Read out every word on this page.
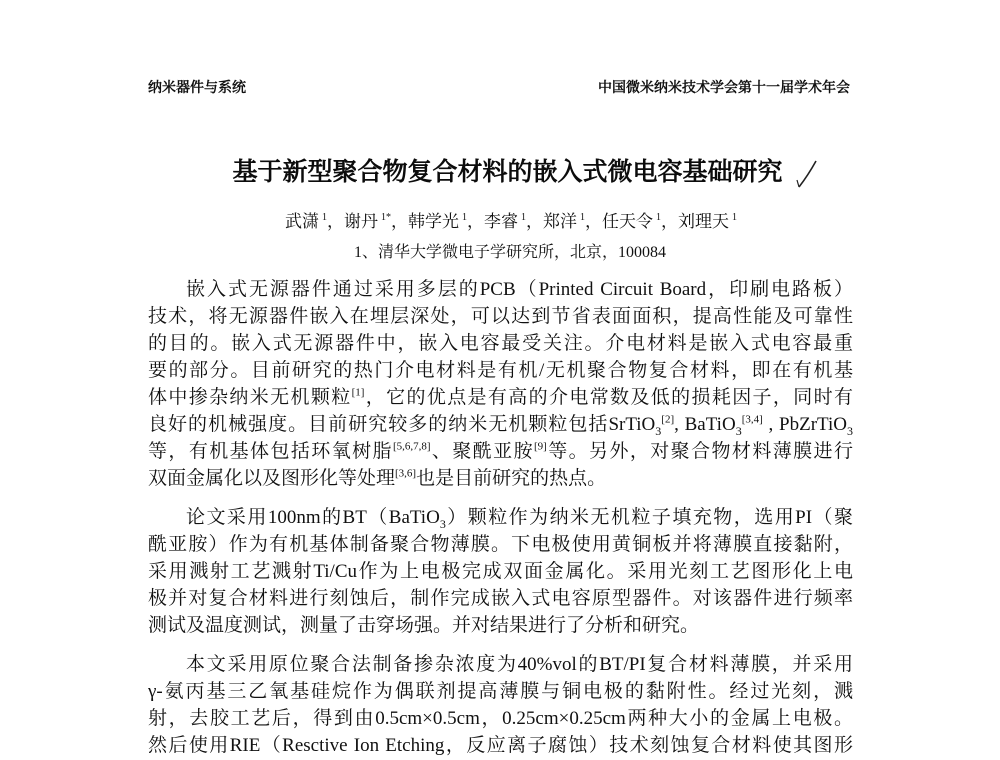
纳米器件与系统	中国微米纳米技术学会第十一届学术年会
基于新型聚合物复合材料的嵌入式微电容基础研究
武潇 $^1$，谢丹 $^{1*}$，韩学光 $^1$，李睿 $^1$，郑洋 $^1$，任天令 $^1$，刘理天 $^1$
1、清华大学微电子学研究所，北京，100084
嵌入式无源器件通过采用多层的PCB（Printed Circuit Board，印刷电路板）
技术，将无源器件嵌入在埋层深处，可以达到节省表面面积，提高性能及可靠性
的目的。嵌入式无源器件中，嵌入电容最受关注。介电材料是嵌入式电容最重
要的部分。目前研究的热门介电材料是有机/无机聚合物复合材料，即在有机基
体中掺杂纳米无机颗粒[1]，它的优点是有高的介电常数及低的损耗因子，同时有
良好的机械强度。目前研究较多的纳米无机颗粒包括SrTiO$_3$[2], BaTiO$_3$[3,4] , PbZrTiO$_3$
等，有机基体包括环氧树脂[5,6,7,8]、聚酰亚胺[9]等。另外，对聚合物材料薄膜进行
双面金属化以及图形化等处理[3,6]也是目前研究的热点。
论文采用100nm的BT（BaTiO$_3$）颗粒作为纳米无机粒子填充物，选用PI（聚
酰亚胺）作为有机基体制备聚合物薄膜。下电极使用黄铜板并将薄膜直接黏附，
采用溅射工艺溅射Ti/Cu作为上电极完成双面金属化。采用光刻工艺图形化上电
极并对复合材料进行刻蚀后，制作完成嵌入式电容原型器件。对该器件进行频率
测试及温度测试，测量了击穿场强。并对结果进行了分析和研究。
本文采用原位聚合法制备掺杂浓度为40%vol的BT/PI复合材料薄膜，并采用
γ-氨丙基三乙氧基硅烷作为偶联剂提高薄膜与铜电极的黏附性。经过光刻，溅
射，去胶工艺后，得到由0.5cm×0.5cm，0.25cm×0.25cm两种大小的金属上电极。
然后使用RIE（Resctive Ion Etching，反应离子腐蚀）技术刻蚀复合材料使其图形
